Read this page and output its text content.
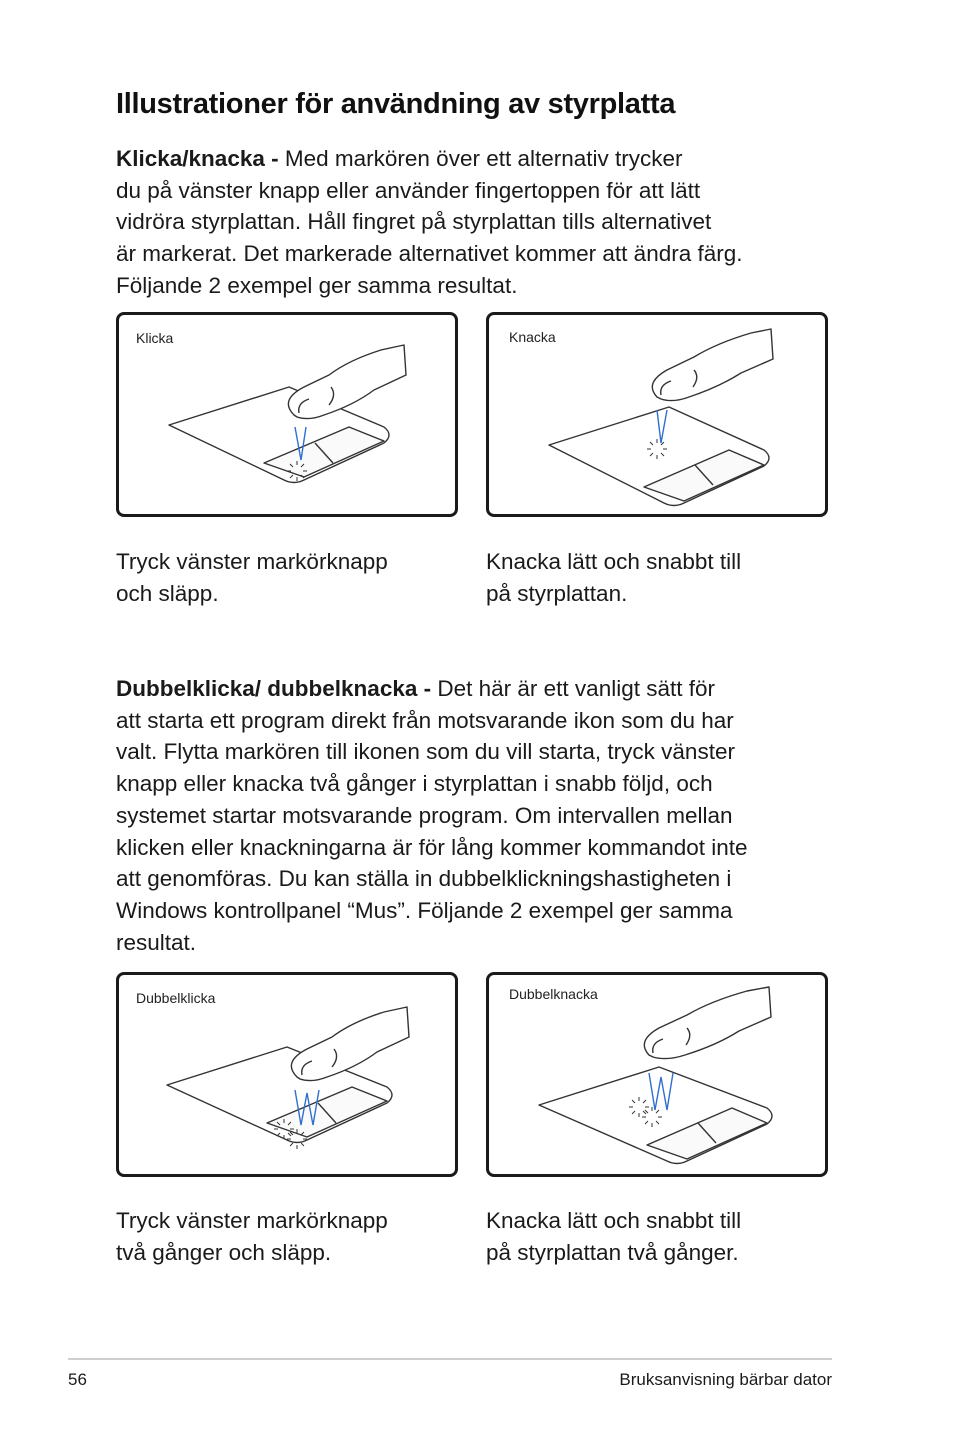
Illustrationer för användning av styrplatta
Klicka/knacka - Med markören över ett alternativ trycker
du på vänster knapp eller använder fingertoppen för att lätt
vidröra styrplattan. Håll fingret på styrplattan tills alternativet
är markerat. Det markerade alternativet kommer att ändra färg.
Följande 2 exempel ger samma resultat.
Klicka	Knacka
Tryck vänster markörknapp
och släpp.
Knacka lätt och snabbt till
på styrplattan.
Dubbelklicka/ dubbelknacka - Det här är ett vanligt sätt för
att starta ett program direkt från motsvarande ikon som du har
valt. Flytta markören till ikonen som du vill starta, tryck vänster
knapp eller knacka två gånger i styrplattan i snabb följd, och
systemet startar motsvarande program. Om intervallen mellan
klicken eller knackningarna är för lång kommer kommandot inte
att genomföras. Du kan ställa in dubbelklickningshastigheten i
Windows kontrollpanel “Mus”. Följande 2 exempel ger samma
resultat.
Dubbelklicka	Dubbelknacka
Tryck vänster markörknapp
två gånger och släpp.
Knacka lätt och snabbt till
på styrplattan två gånger.
56	Bruksanvisning bärbar dator
